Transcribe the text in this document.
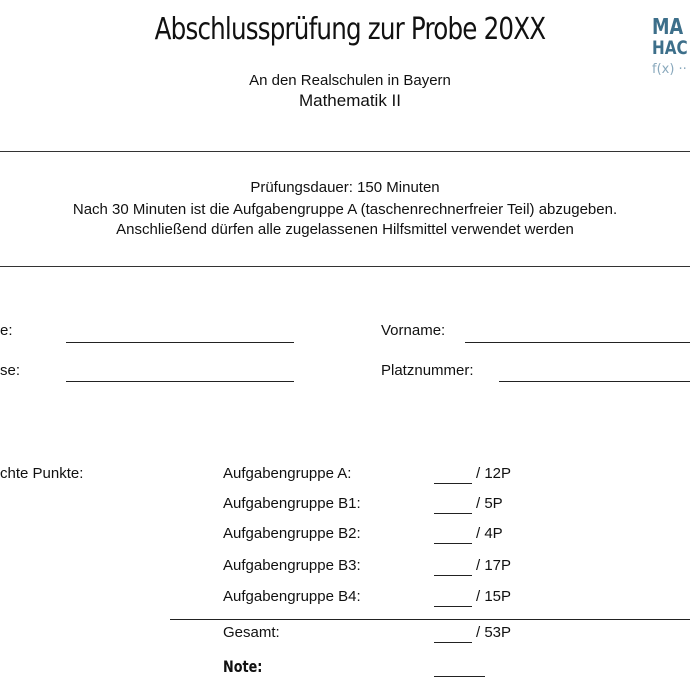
Abschlussprüfung zur Probe 20XX
An den Realschulen in Bayern
Mathematik II
MA
HAC
f(x) ··
Prüfungsdauer: 150 Minuten
Nach 30 Minuten ist die Aufgabengruppe A (taschenrechnerfreier Teil) abzugeben.
Anschließend dürfen alle zugelassenen Hilfsmittel verwendet werden
e:	Vorname:
se:	Platznummer:
chte Punkte:	Aufgabengruppe A:	/ 12P
Aufgabengruppe B1:	/ 5P
Aufgabengruppe B2:	/ 4P
Aufgabengruppe B3:	/ 17P
Aufgabengruppe B4:	/ 15P
Gesamt:	/ 53P
Note:
